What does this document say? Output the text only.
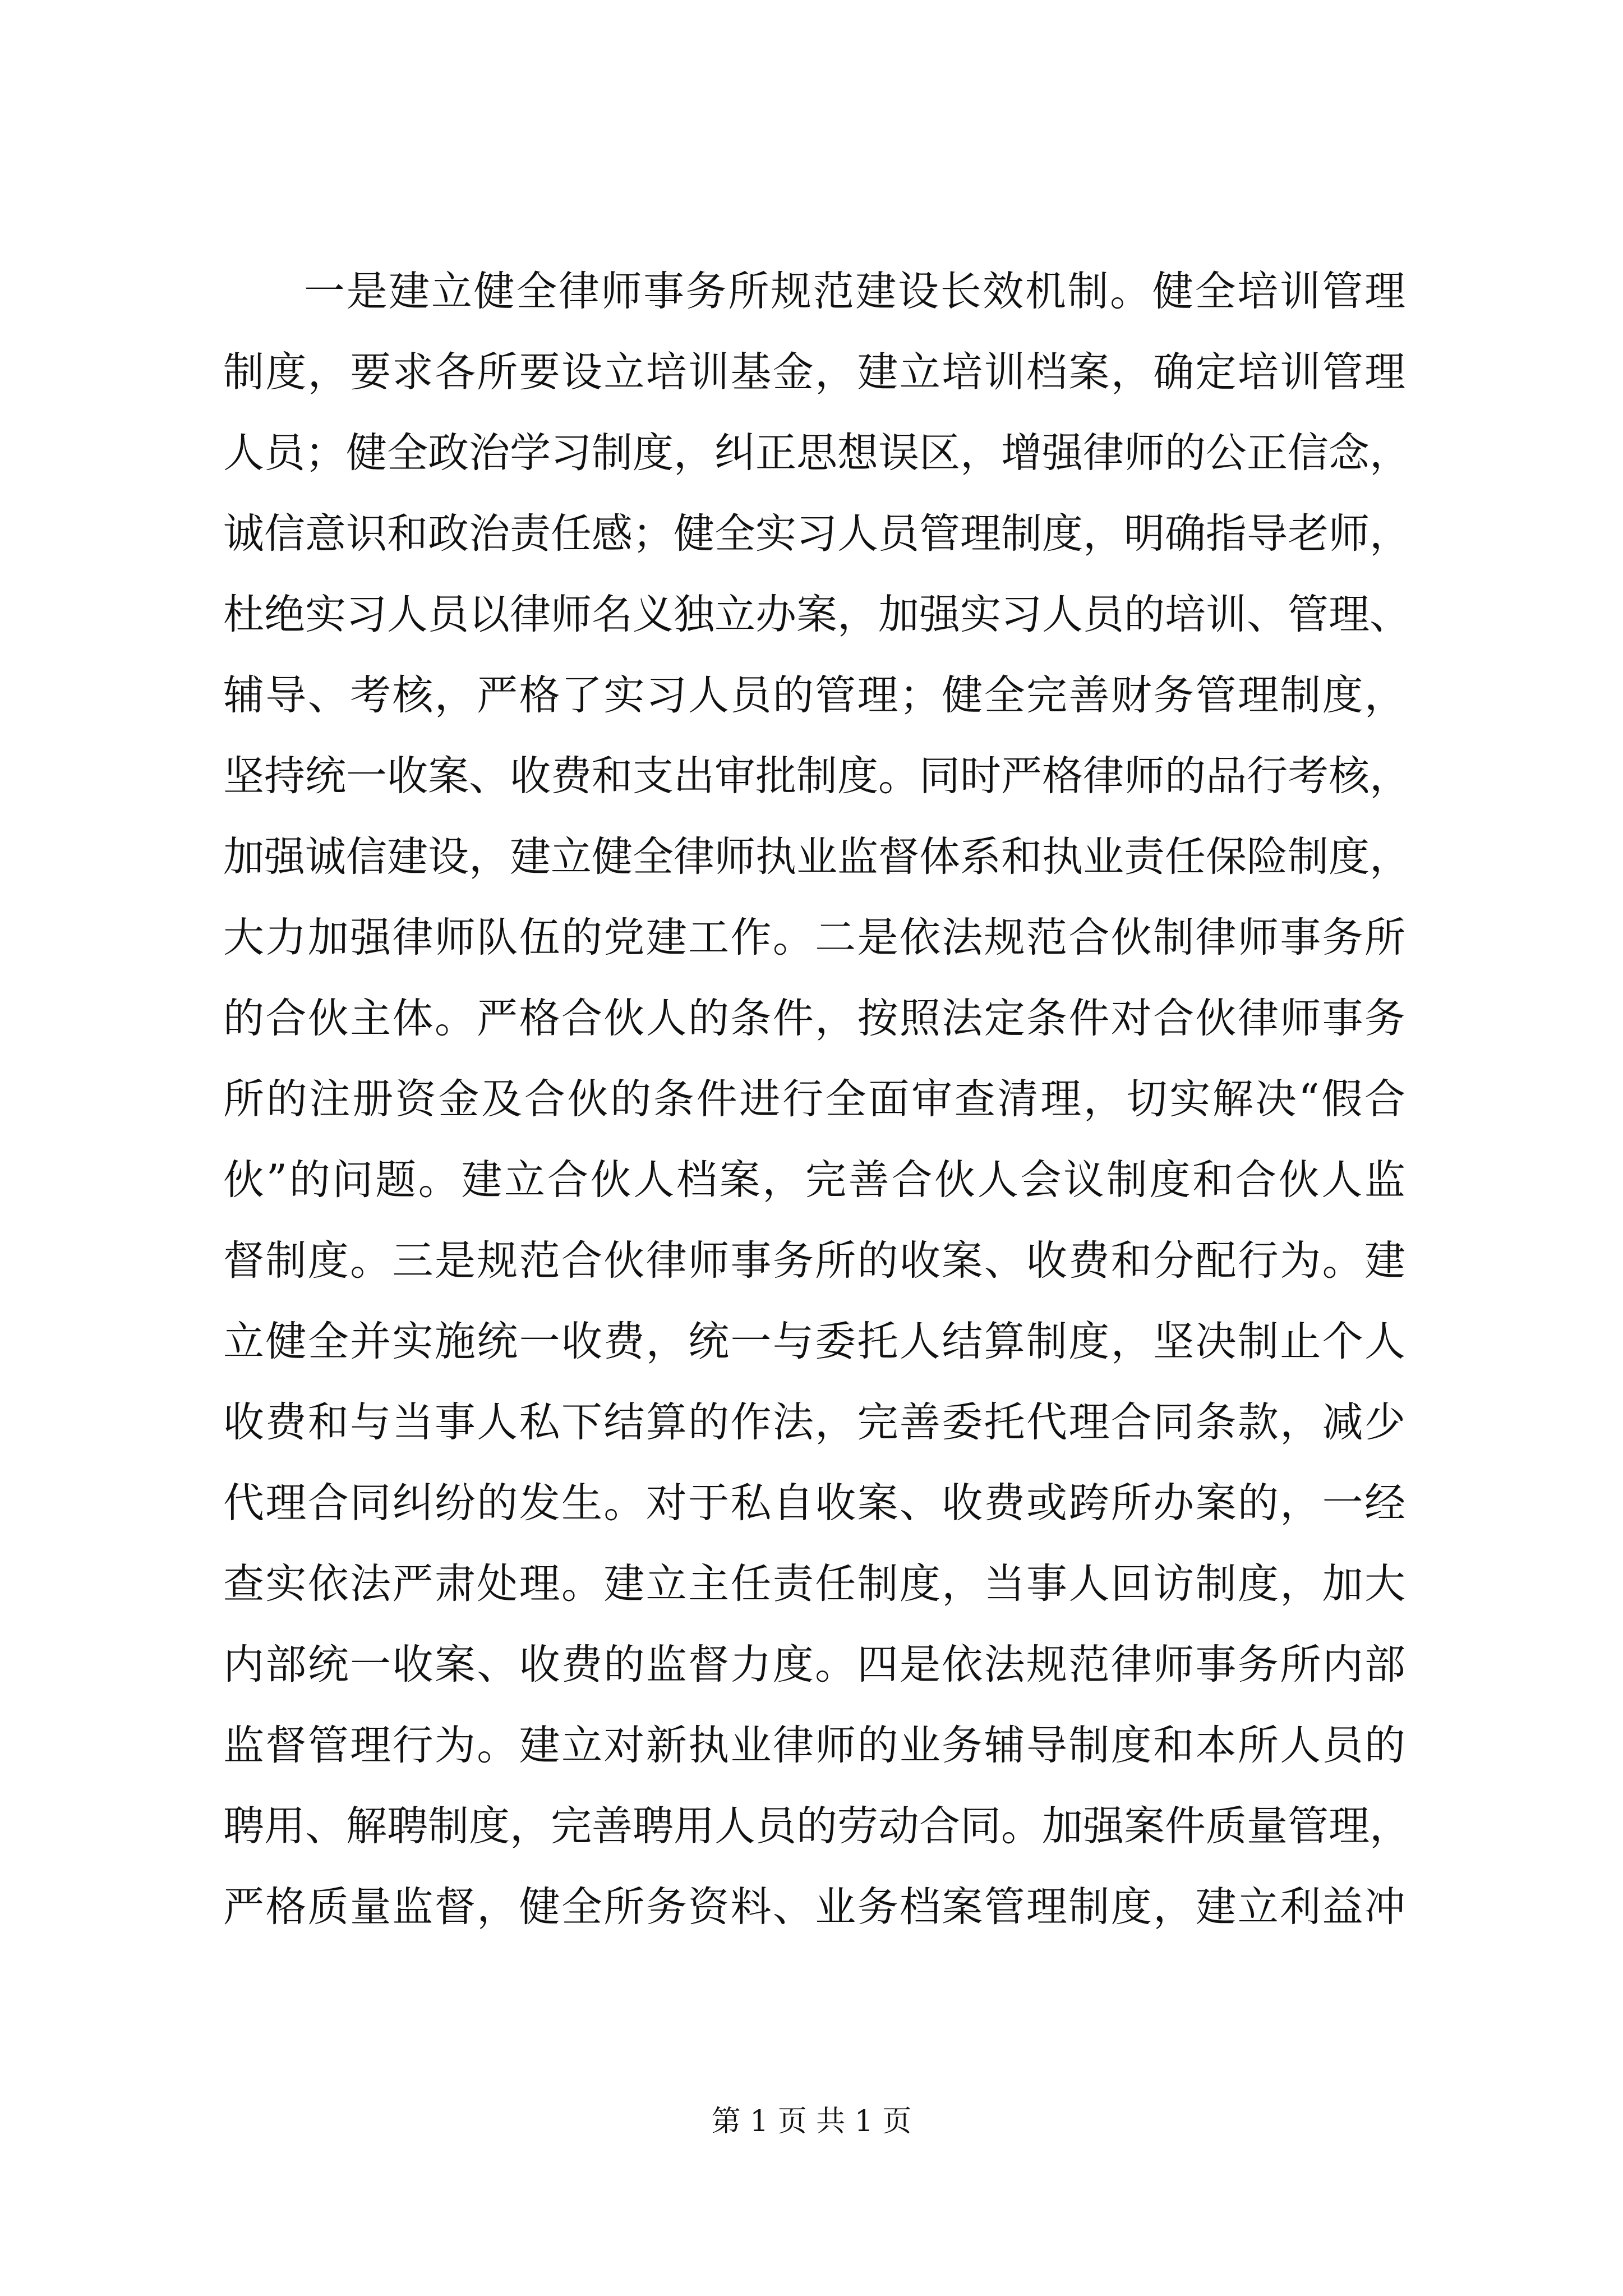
一是建立健全律师事务所规范建设长效机制。健全培训管理
制度，要求各所要设立培训基金，建立培训档案，确定培训管理
人员；健全政治学习制度，纠正思想误区，增强律师的公正信念，
诚信意识和政治责任感；健全实习人员管理制度，明确指导老师，
杜绝实习人员以律师名义独立办案，加强实习人员的培训、管理、
辅导、考核，严格了实习人员的管理；健全完善财务管理制度，
坚持统一收案、收费和支出审批制度。同时严格律师的品行考核，
加强诚信建设，建立健全律师执业监督体系和执业责任保险制度，
大力加强律师队伍的党建工作。二是依法规范合伙制律师事务所
的合伙主体。严格合伙人的条件，按照法定条件对合伙律师事务
所的注册资金及合伙的条件进行全面审查清理，切实解决“假合
伙”的问题。建立合伙人档案，完善合伙人会议制度和合伙人监
督制度。三是规范合伙律师事务所的收案、收费和分配行为。建
立健全并实施统一收费，统一与委托人结算制度，坚决制止个人
收费和与当事人私下结算的作法，完善委托代理合同条款，减少
代理合同纠纷的发生。对于私自收案、收费或跨所办案的，一经
查实依法严肃处理。建立主任责任制度，当事人回访制度，加大
内部统一收案、收费的监督力度。四是依法规范律师事务所内部
监督管理行为。建立对新执业律师的业务辅导制度和本所人员的
聘用、解聘制度，完善聘用人员的劳动合同。加强案件质量管理，
严格质量监督，健全所务资料、业务档案管理制度，建立利益冲
第 1 页 共 1 页
